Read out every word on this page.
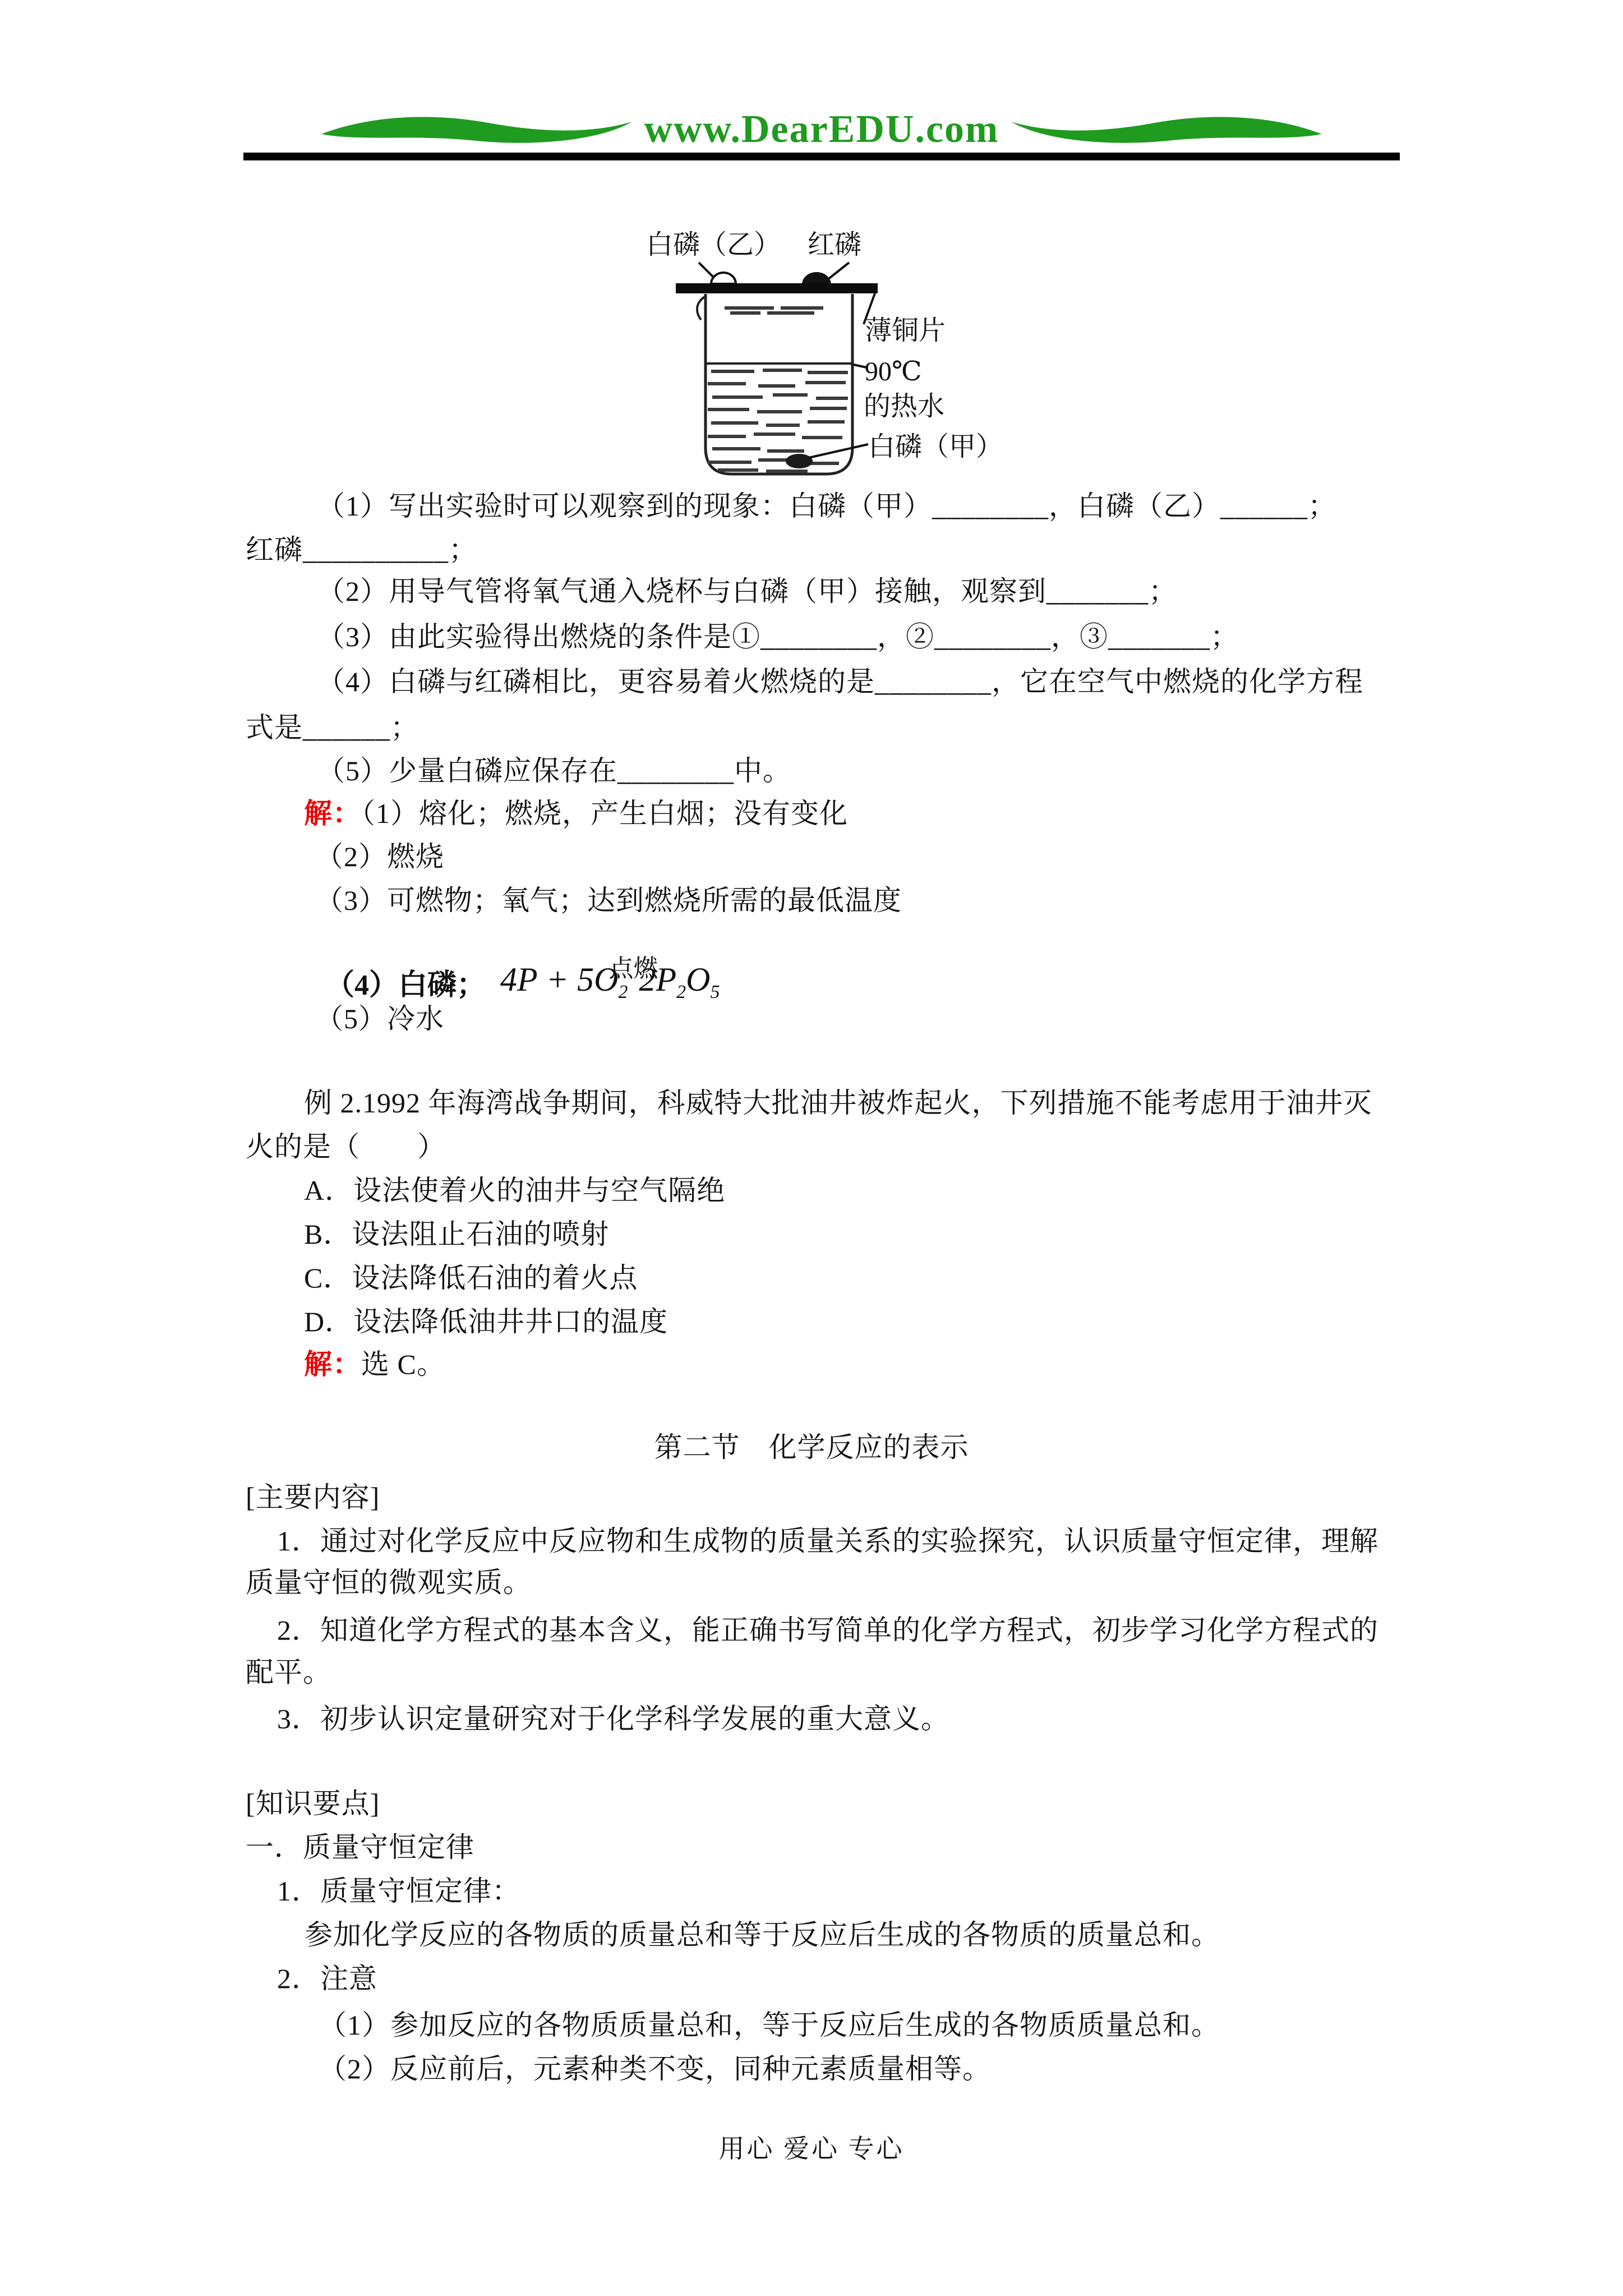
www.DearEDU.com
白磷（乙） 红磷
薄铜片
90℃
的热水
白磷（甲）
（1）写出实验时可以观察到的现象：白磷（甲）________，白磷（乙）______；
红磷__________；
（2）用导气管将氧气通入烧杯与白磷（甲）接触，观察到_______；
（3）由此实验得出燃烧的条件是①________，②________，③_______；
（4）白磷与红磷相比，更容易着火燃烧的是________，它在空气中燃烧的化学方程
式是______；
（5）少量白磷应保存在________中。
解：（1）熔化；燃烧，产生白烟；没有变化
（2）燃烧
（3）可燃物；氧气；达到燃烧所需的最低温度
（4）白磷； $4P + 5O_2$
点燃
$2P_2O_5$
（5）冷水
例 2.1992 年海湾战争期间，科威特大批油井被炸起火，下列措施不能考虑用于油井灭
火的是（　　）
A．设法使着火的油井与空气隔绝
B．设法阻止石油的喷射
C．设法降低石油的着火点
D．设法降低油井井口的温度
解：选 C。
第二节　化学反应的表示
[主要内容]
1．通过对化学反应中反应物和生成物的质量关系的实验探究，认识质量守恒定律，理解
质量守恒的微观实质。
2．知道化学方程式的基本含义，能正确书写简单的化学方程式，初步学习化学方程式的
配平。
3．初步认识定量研究对于化学科学发展的重大意义。
[知识要点]
一．质量守恒定律
1．质量守恒定律：
参加化学反应的各物质的质量总和等于反应后生成的各物质的质量总和。
2．注意
（1）参加反应的各物质质量总和，等于反应后生成的各物质质量总和。
（2）反应前后，元素种类不变，同种元素质量相等。
用心 爱心 专心
